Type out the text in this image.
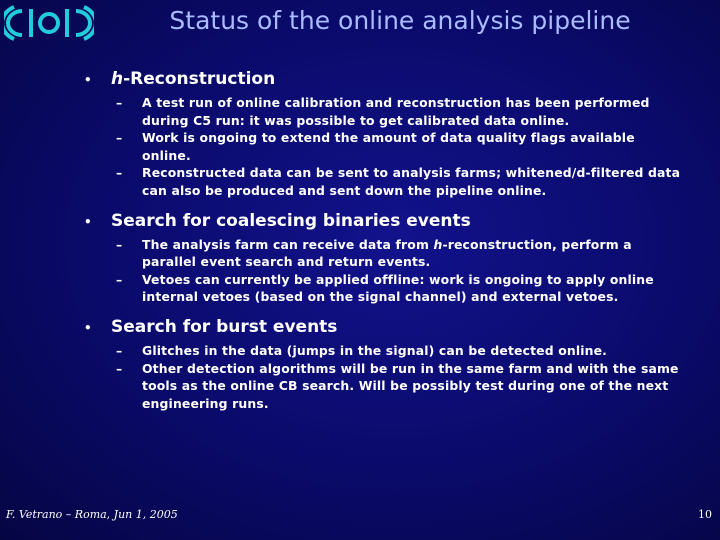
Status of the online analysis pipeline
•	h-Reconstruction
–	A test run of online calibration and reconstruction has been performed during C5 run: it was possible to get calibrated data online.
–	Work is ongoing to extend the amount of data quality flags available online.
–	Reconstructed data can be sent to analysis farms; whitened/d-filtered data can also be produced and sent down the pipeline online.
•	Search for coalescing binaries events
–	The analysis farm can receive data from h-reconstruction, perform a parallel event search and return events.
–	Vetoes can currently be applied offline: work is ongoing to apply online internal vetoes (based on the signal channel) and external vetoes.
•	Search for burst events
–	Glitches in the data (jumps in the signal) can be detected online.
–	Other detection algorithms will be run in the same farm and with the same tools as the online CB search. Will be possibly test during one of the next engineering runs.
F. Vetrano – Roma, Jun 1, 2005	10
